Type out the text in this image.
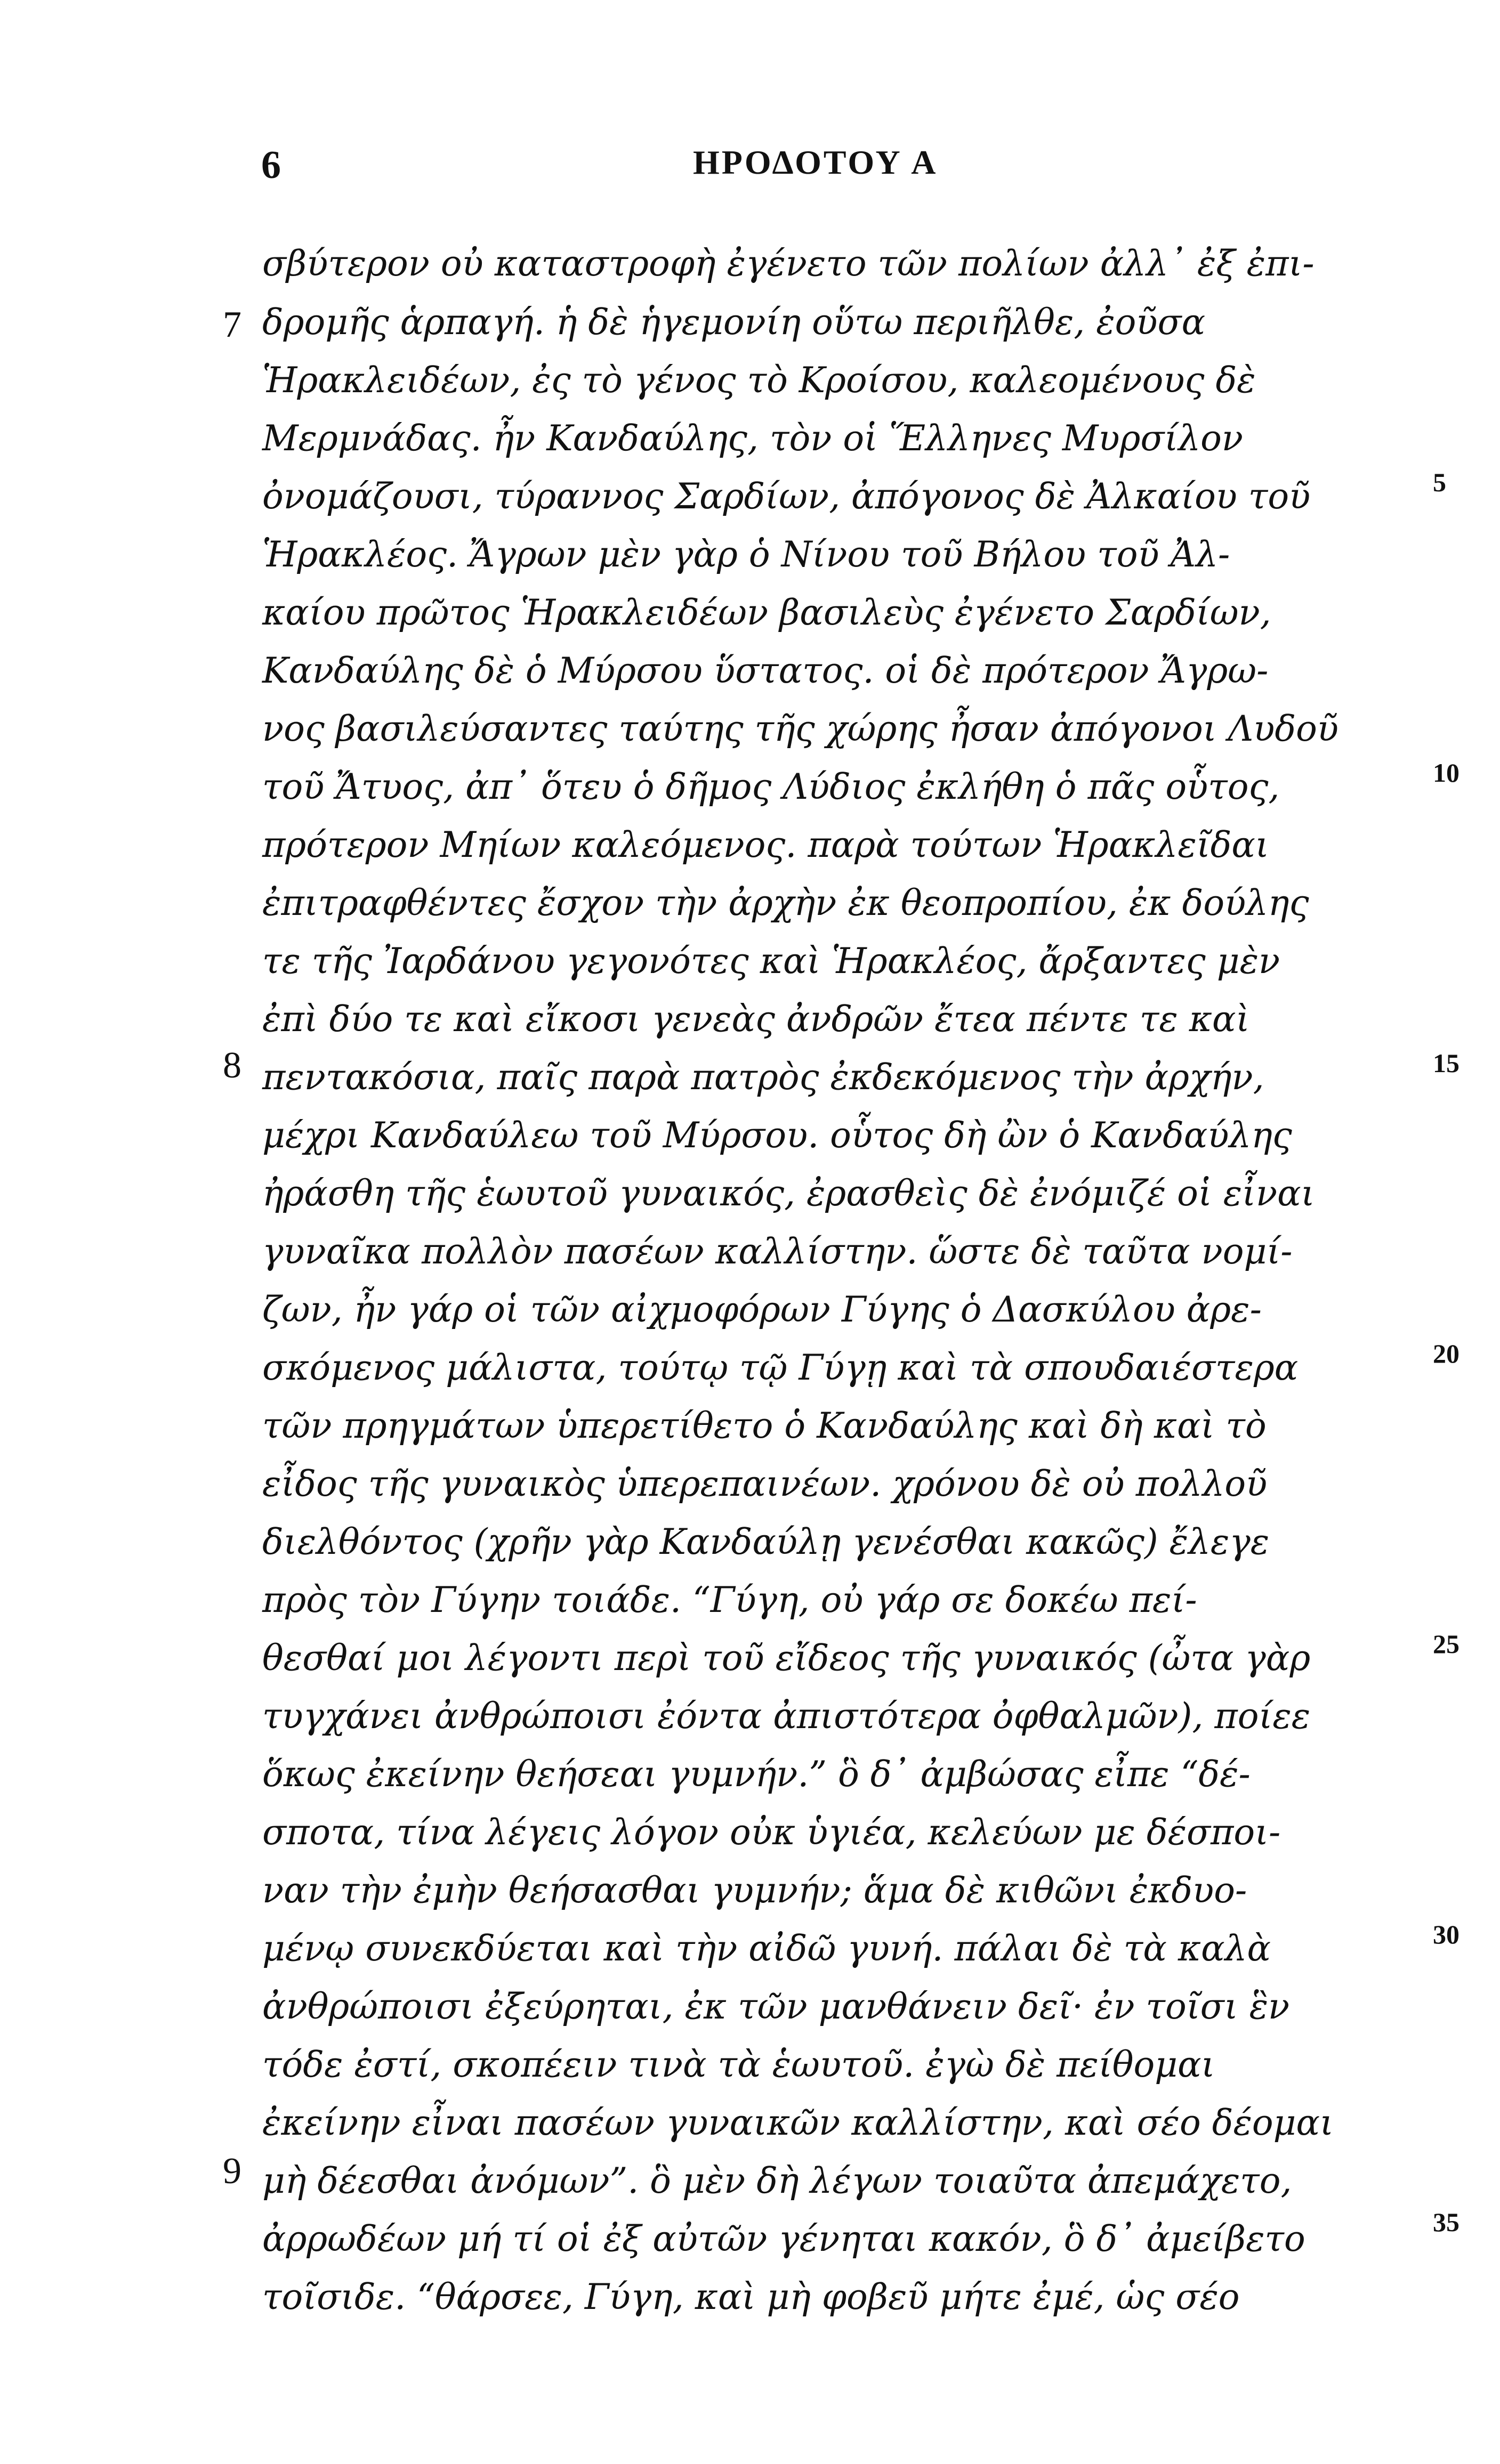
6	ΗΡΟΔΟΤΟΥ Α
7
8
9
5
10
15
20
25
30
35
σβύτερον οὐ καταστροφὴ ἐγένετο τῶν πολίων ἀλλ᾽ ἐξ ἐπι-
δρομῆς ἁρπαγή. ἡ δὲ ἡγεμονίη οὕτω περιῆλθε, ἐοῦσα
Ἡρακλειδέων, ἐς τὸ γένος τὸ Κροίσου, καλεομένους δὲ
Μερμνάδας. ἦν Κανδαύλης, τὸν οἱ Ἕλληνες Μυρσίλον
ὀνομάζουσι, τύραννος Σαρδίων, ἀπόγονος δὲ Ἀλκαίου τοῦ
Ἡρακλέος. Ἄγρων μὲν γὰρ ὁ Νίνου τοῦ Βήλου τοῦ Ἀλ-
καίου πρῶτος Ἡρακλειδέων βασιλεὺς ἐγένετο Σαρδίων,
Κανδαύλης δὲ ὁ Μύρσου ὕστατος. οἱ δὲ πρότερον Ἄγρω-
νος βασιλεύσαντες ταύτης τῆς χώρης ἦσαν ἀπόγονοι Λυδοῦ
τοῦ Ἄτυος, ἀπ᾽ ὅτευ ὁ δῆμος Λύδιος ἐκλήθη ὁ πᾶς οὗτος,
πρότερον Μηίων καλεόμενος. παρὰ τούτων Ἡρακλεῖδαι
ἐπιτραφθέντες ἔσχον τὴν ἀρχὴν ἐκ θεοπροπίου, ἐκ δούλης
τε τῆς Ἰαρδάνου γεγονότες καὶ Ἡρακλέος, ἄρξαντες μὲν
ἐπὶ δύο τε καὶ εἴκοσι γενεὰς ἀνδρῶν ἔτεα πέντε τε καὶ
πεντακόσια, παῖς παρὰ πατρὸς ἐκδεκόμενος τὴν ἀρχήν,
μέχρι Κανδαύλεω τοῦ Μύρσου. οὗτος δὴ ὢν ὁ Κανδαύλης
ἠράσθη τῆς ἑωυτοῦ γυναικός, ἐρασθεὶς δὲ ἐνόμιζέ οἱ εἶναι
γυναῖκα πολλὸν πασέων καλλίστην. ὥστε δὲ ταῦτα νομί-
ζων, ἦν γάρ οἱ τῶν αἰχμοφόρων Γύγης ὁ Δασκύλου ἀρε-
σκόμενος μάλιστα, τούτῳ τῷ Γύγῃ καὶ τὰ σπουδαιέστερα
τῶν πρηγμάτων ὑπερετίθετο ὁ Κανδαύλης καὶ δὴ καὶ τὸ
εἶδος τῆς γυναικὸς ὑπερεπαινέων. χρόνου δὲ οὐ πολλοῦ
διελθόντος (χρῆν γὰρ Κανδαύλῃ γενέσθαι κακῶς) ἔλεγε
πρὸς τὸν Γύγην τοιάδε. “Γύγη, οὐ γάρ σε δοκέω πεί-
θεσθαί μοι λέγοντι περὶ τοῦ εἴδεος τῆς γυναικός (ὦτα γὰρ
τυγχάνει ἀνθρώποισι ἐόντα ἀπιστότερα ὀφθαλμῶν), ποίεε
ὅκως ἐκείνην θεήσεαι γυμνήν.” ὃ δ᾽ ἀμβώσας εἶπε “δέ-
σποτα, τίνα λέγεις λόγον οὐκ ὑγιέα, κελεύων με δέσποι-
ναν τὴν ἐμὴν θεήσασθαι γυμνήν; ἅμα δὲ κιθῶνι ἐκδυο-
μένῳ συνεκδύεται καὶ τὴν αἰδῶ γυνή. πάλαι δὲ τὰ καλὰ
ἀνθρώποισι ἐξεύρηται, ἐκ τῶν μανθάνειν δεῖ· ἐν τοῖσι ἓν
τόδε ἐστί, σκοπέειν τινὰ τὰ ἑωυτοῦ. ἐγὼ δὲ πείθομαι
ἐκείνην εἶναι πασέων γυναικῶν καλλίστην, καὶ σέο δέομαι
μὴ δέεσθαι ἀνόμων”. ὃ μὲν δὴ λέγων τοιαῦτα ἀπεμάχετο,
ἀρρωδέων μή τί οἱ ἐξ αὐτῶν γένηται κακόν, ὃ δ᾽ ἀμείβετο
τοῖσιδε. “θάρσεε, Γύγη, καὶ μὴ φοβεῦ μήτε ἐμέ, ὡς σέο
